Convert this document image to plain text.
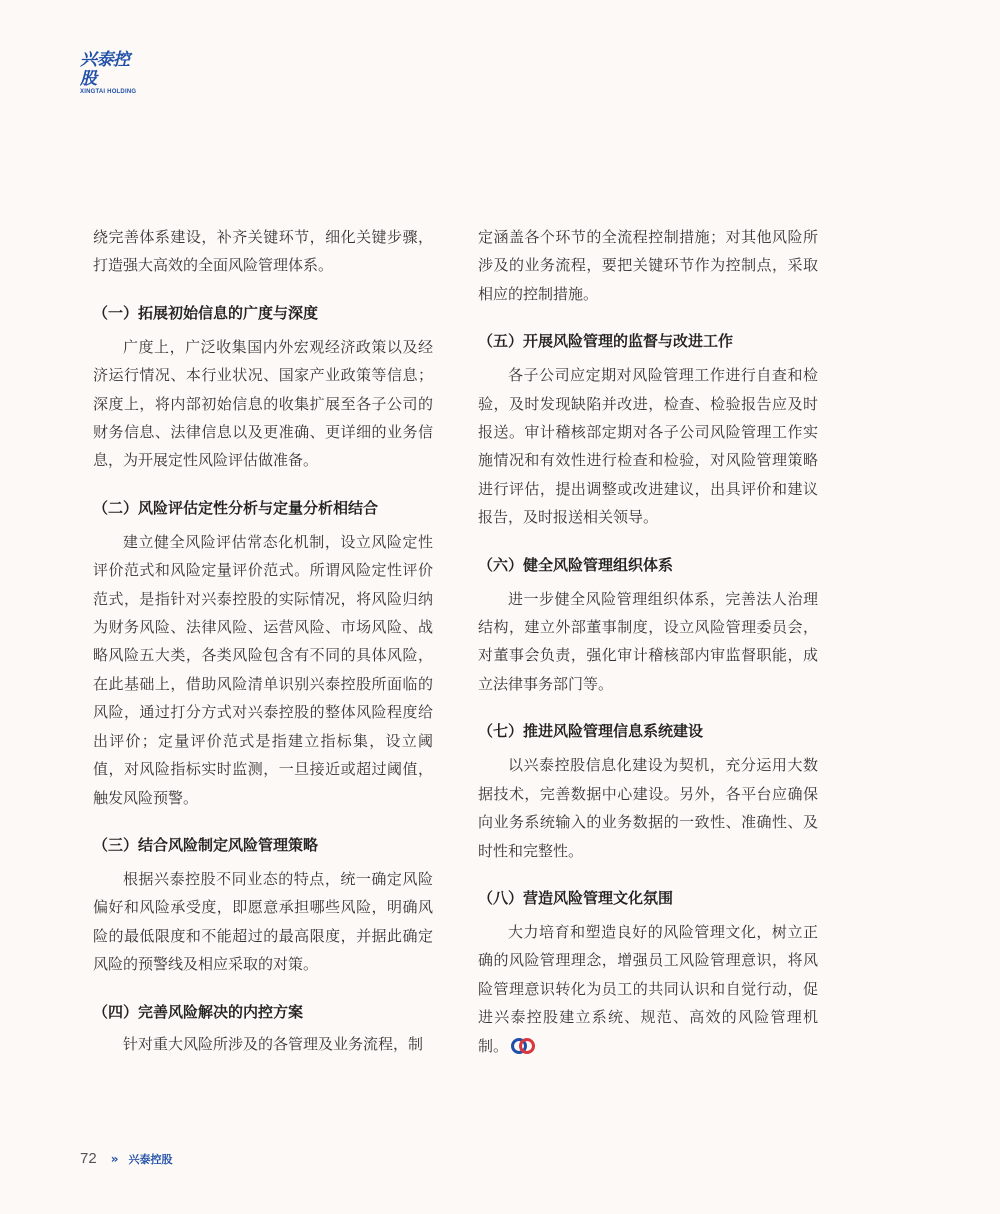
兴泰控股
XINGTAI HOLDING

绕完善体系建设，补齐关键环节，细化关键步骤，打造强大高效的全面风险管理体系。

（一）拓展初始信息的广度与深度

广度上，广泛收集国内外宏观经济政策以及经济运行情况、本行业状况、国家产业政策等信息；深度上，将内部初始信息的收集扩展至各子公司的财务信息、法律信息以及更准确、更详细的业务信息，为开展定性风险评估做准备。

（二）风险评估定性分析与定量分析相结合

建立健全风险评估常态化机制，设立风险定性评价范式和风险定量评价范式。所谓风险定性评价范式，是指针对兴泰控股的实际情况，将风险归纳为财务风险、法律风险、运营风险、市场风险、战略风险五大类，各类风险包含有不同的具体风险，在此基础上，借助风险清单识别兴泰控股所面临的风险，通过打分方式对兴泰控股的整体风险程度给出评价；定量评价范式是指建立指标集，设立阈值，对风险指标实时监测，一旦接近或超过阈值，触发风险预警。

（三）结合风险制定风险管理策略

根据兴泰控股不同业态的特点，统一确定风险偏好和风险承受度，即愿意承担哪些风险，明确风险的最低限度和不能超过的最高限度，并据此确定风险的预警线及相应采取的对策。

（四）完善风险解决的内控方案

针对重大风险所涉及的各管理及业务流程，制

定涵盖各个环节的全流程控制措施；对其他风险所涉及的业务流程，要把关键环节作为控制点，采取相应的控制措施。

（五）开展风险管理的监督与改进工作

各子公司应定期对风险管理工作进行自查和检验，及时发现缺陷并改进，检查、检验报告应及时报送。审计稽核部定期对各子公司风险管理工作实施情况和有效性进行检查和检验，对风险管理策略进行评估，提出调整或改进建议，出具评价和建议报告，及时报送相关领导。

（六）健全风险管理组织体系

进一步健全风险管理组织体系，完善法人治理结构，建立外部董事制度，设立风险管理委员会，对董事会负责，强化审计稽核部内审监督职能，成立法律事务部门等。

（七）推进风险管理信息系统建设

以兴泰控股信息化建设为契机，充分运用大数据技术，完善数据中心建设。另外，各平台应确保向业务系统输入的业务数据的一致性、准确性、及时性和完整性。

（八）营造风险管理文化氛围

大力培育和塑造良好的风险管理文化，树立正确的风险管理理念，增强员工风险管理意识，将风险管理意识转化为员工的共同认识和自觉行动，促进兴泰控股建立系统、规范、高效的风险管理机制。

72 » 兴泰控股
